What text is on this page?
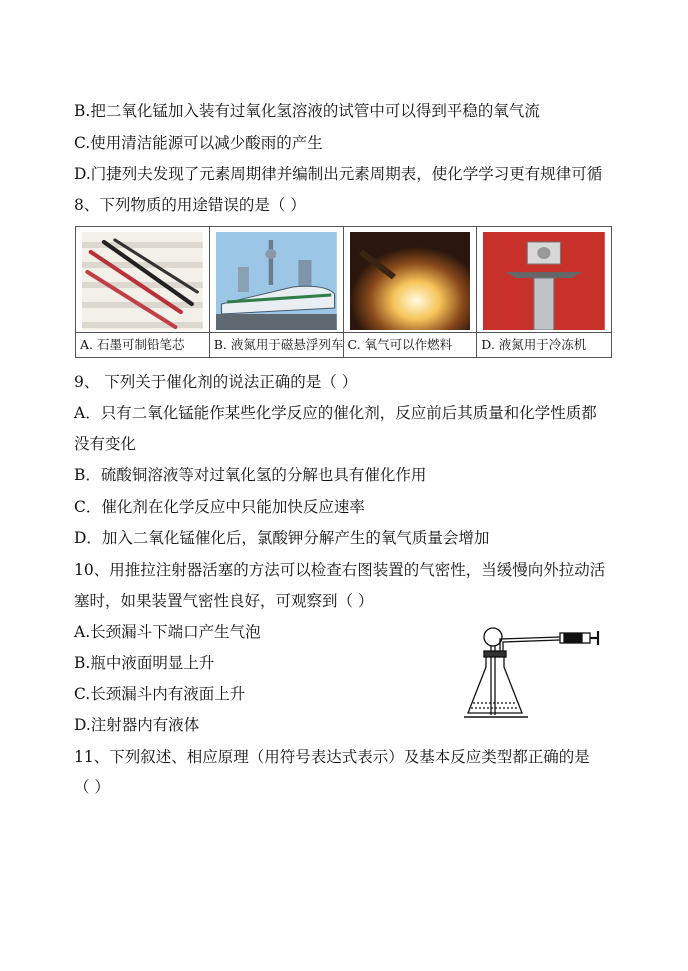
B.把二氧化锰加入装有过氧化氢溶液的试管中可以得到平稳的氧气流
C.使用清洁能源可以减少酸雨的产生
D.门捷列夫发现了元素周期律并编制出元素周期表，使化学学习更有规律可循
8、下列物质的用途错误的是（ ）
A. 石墨可制铅笔芯	B. 液氮用于磁悬浮列车 C. 氧气可以作燃料	D. 液氮用于冷冻机
9、 下列关于催化剂的说法正确的是（ ）
A．只有二氧化锰能作某些化学反应的催化剂，反应前后其质量和化学性质都
没有变化
B．硫酸铜溶液等对过氧化氢的分解也具有催化作用
C．催化剂在化学反应中只能加快反应速率
D．加入二氧化锰催化后，氯酸钾分解产生的氧气质量会增加
10、用推拉注射器活塞的方法可以检查右图装置的气密性，当缓慢向外拉动活
塞时，如果装置气密性良好，可观察到（ ）
A.长颈漏斗下端口产生气泡
B.瓶中液面明显上升
C.长颈漏斗内有液面上升
D.注射器内有液体
11、下列叙述、相应原理（用符号表达式表示）及基本反应类型都正确的是
（ ）
